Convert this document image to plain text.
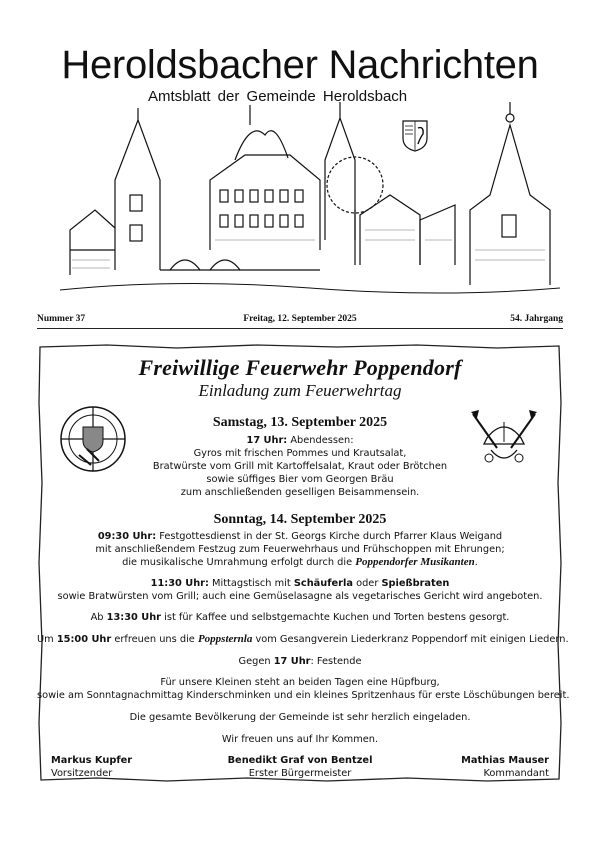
Heroldsbacher Nachrichten
Amtsblatt der Gemeinde Heroldsbach
Nummer 37	Freitag, 12. September 2025	54. Jahrgang
Freiwillige Feuerwehr Poppendorf
Einladung zum Feuerwehrtag
Samstag, 13. September 2025
17 Uhr: Abendessen:
Gyros mit frischen Pommes und Krautsalat,
Bratwürste vom Grill mit Kartoffelsalat, Kraut oder Brötchen
sowie süffiges Bier vom Georgen Bräu
zum anschließenden geselligen Beisammensein.
Sonntag, 14. September 2025
09:30 Uhr: Festgottesdienst in der St. Georgs Kirche durch Pfarrer Klaus Weigand
mit anschließendem Festzug zum Feuerwehrhaus und Frühschoppen mit Ehrungen;
die musikalische Umrahmung erfolgt durch die Poppendorfer Musikanten.
11:30 Uhr: Mittagstisch mit Schäuferla oder Spießbraten
sowie Bratwürsten vom Grill; auch eine Gemüselasagne als vegetarisches Gericht wird angeboten.
Ab 13:30 Uhr ist für Kaffee und selbstgemachte Kuchen und Torten bestens gesorgt.
Um 15:00 Uhr erfreuen uns die Poppsternla vom Gesangverein Liederkranz Poppendorf mit einigen Liedern.
Gegen 17 Uhr: Festende
Für unsere Kleinen steht an beiden Tagen eine Hüpfburg,
sowie am Sonntagnachmittag Kinderschminken und ein kleines Spritzenhaus für erste Löschübungen bereit.
Die gesamte Bevölkerung der Gemeinde ist sehr herzlich eingeladen.
Wir freuen uns auf Ihr Kommen.
Markus Kupfer
Vorsitzender
Benedikt Graf von Bentzel
Erster Bürgermeister
Mathias Mauser
Kommandant
